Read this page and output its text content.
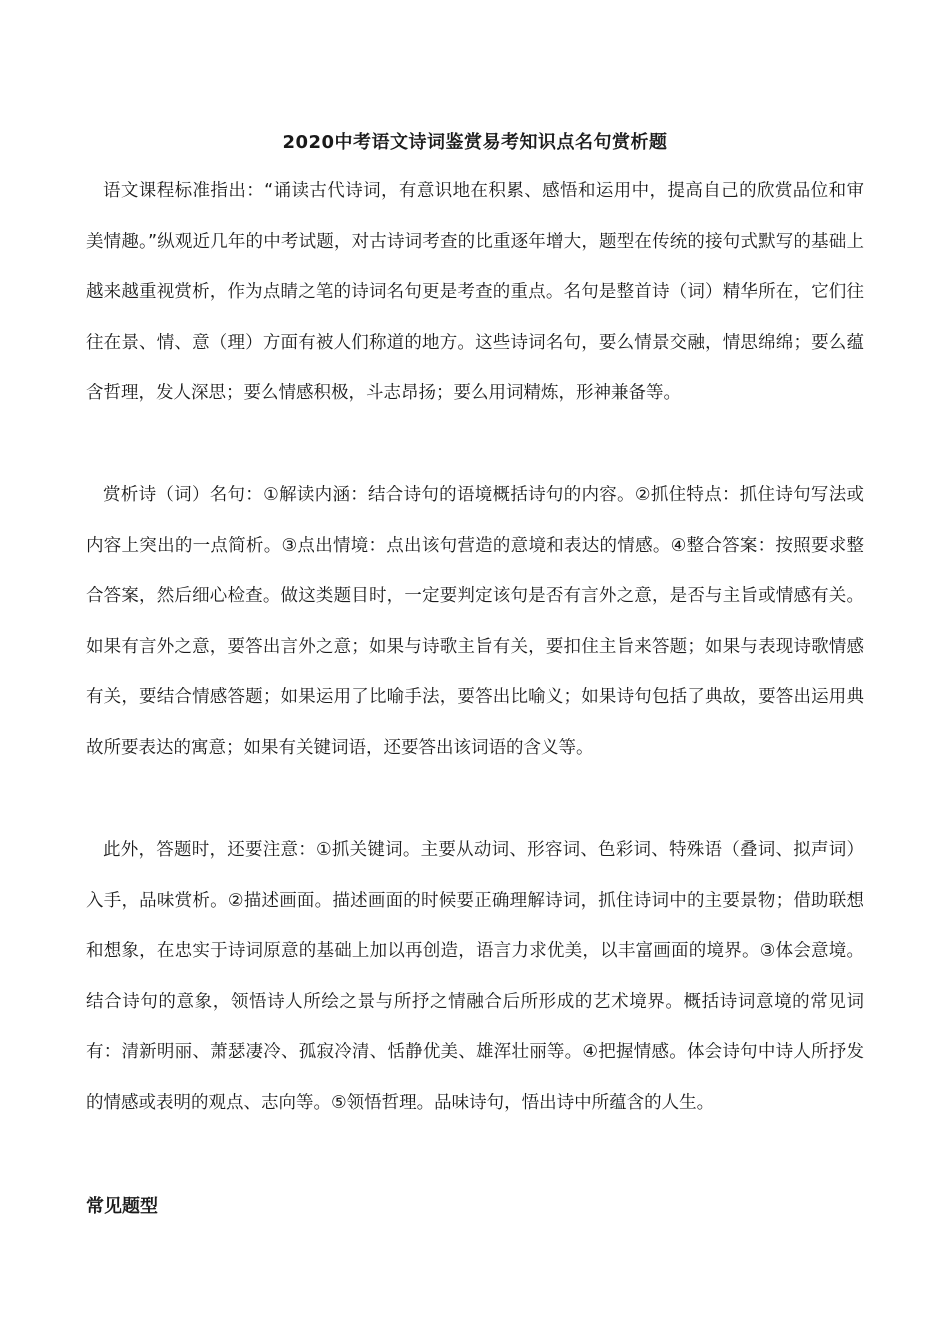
2020中考语文诗词鉴赏易考知识点名句赏析题

语文课程标准指出：“诵读古代诗词，有意识地在积累、感悟和运用中，提高自己的欣赏品位和审美情趣。”纵观近几年的中考试题，对古诗词考查的比重逐年增大，题型在传统的接句式默写的基础上越来越重视赏析，作为点睛之笔的诗词名句更是考查的重点。名句是整首诗（词）精华所在，它们往往在景、情、意（理）方面有被人们称道的地方。这些诗词名句，要么情景交融，情思绵绵；要么蕴含哲理，发人深思；要么情感积极，斗志昂扬；要么用词精炼，形神兼备等。

赏析诗（词）名句：①解读内涵：结合诗句的语境概括诗句的内容。②抓住特点：抓住诗句写法或内容上突出的一点简析。③点出情境：点出该句营造的意境和表达的情感。④整合答案：按照要求整合答案，然后细心检查。做这类题目时，一定要判定该句是否有言外之意，是否与主旨或情感有关。如果有言外之意，要答出言外之意；如果与诗歌主旨有关，要扣住主旨来答题；如果与表现诗歌情感有关，要结合情感答题；如果运用了比喻手法，要答出比喻义；如果诗句包括了典故，要答出运用典故所要表达的寓意；如果有关键词语，还要答出该词语的含义等。

此外，答题时，还要注意：①抓关键词。主要从动词、形容词、色彩词、特殊语（叠词、拟声词）入手，品味赏析。②描述画面。描述画面的时候要正确理解诗词，抓住诗词中的主要景物；借助联想和想象，在忠实于诗词原意的基础上加以再创造，语言力求优美，以丰富画面的境界。③体会意境。结合诗句的意象，领悟诗人所绘之景与所抒之情融合后所形成的艺术境界。概括诗词意境的常见词有：清新明丽、萧瑟凄冷、孤寂冷清、恬静优美、雄浑壮丽等。④把握情感。体会诗句中诗人所抒发的情感或表明的观点、志向等。⑤领悟哲理。品味诗句，悟出诗中所蕴含的人生。

常见题型
